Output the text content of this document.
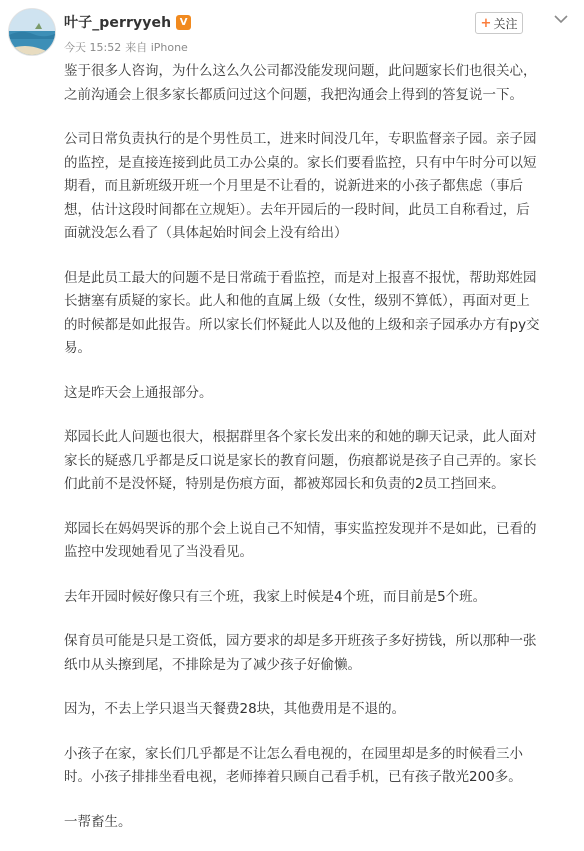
叶子_perryyeh V
今天 15:52 来自 iPhone
+ 关注
鉴于很多人咨询，为什么这么久公司都没能发现问题，此问题家长们也很关心，
之前沟通会上很多家长都质问过这个问题，我把沟通会上得到的答复说一下。
公司日常负责执行的是个男性员工，进来时间没几年，专职监督亲子园。亲子园
的监控，是直接连接到此员工办公桌的。家长们要看监控，只有中午时分可以短
期看，而且新班级开班一个月里是不让看的，说新进来的小孩子都焦虑（事后
想，估计这段时间都在立规矩）。去年开园后的一段时间，此员工自称看过，后
面就没怎么看了（具体起始时间会上没有给出）
但是此员工最大的问题不是日常疏于看监控，而是对上报喜不报忧，帮助郑姓园
长搪塞有质疑的家长。此人和他的直属上级（女性，级别不算低），再面对更上
的时候都是如此报告。所以家长们怀疑此人以及他的上级和亲子园承办方有py交
易。
这是昨天会上通报部分。
郑园长此人问题也很大，根据群里各个家长发出来的和她的聊天记录，此人面对
家长的疑惑几乎都是反口说是家长的教育问题，伤痕都说是孩子自己弄的。家长
们此前不是没怀疑，特别是伤痕方面，都被郑园长和负责的2员工挡回来。
郑园长在妈妈哭诉的那个会上说自己不知情，事实监控发现并不是如此，已看的
监控中发现她看见了当没看见。
去年开园时候好像只有三个班，我家上时候是4个班，而目前是5个班。
保育员可能是只是工资低，园方要求的却是多开班孩子多好捞钱，所以那种一张
纸巾从头擦到尾，不排除是为了减少孩子好偷懒。
因为，不去上学只退当天餐费28块，其他费用是不退的。
小孩子在家，家长们几乎都是不让怎么看电视的，在园里却是多的时候看三小
时。小孩子排排坐看电视，老师捧着只顾自己看手机，已有孩子散光200多。
一帮畜生。
